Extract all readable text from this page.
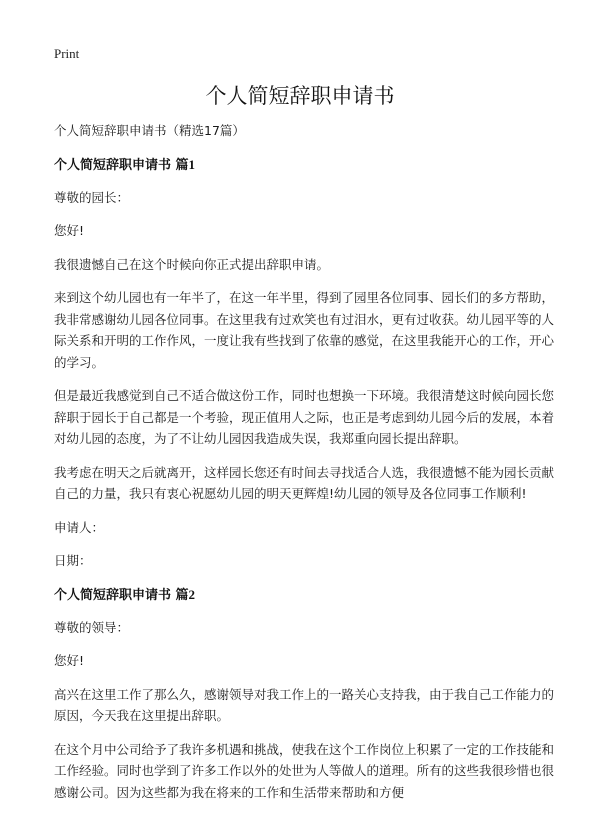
Print
个人简短辞职申请书

个人简短辞职申请书（精选17篇）

个人简短辞职申请书 篇1

尊敬的园长：

您好!

我很遗憾自己在这个时候向你正式提出辞职申请。

来到这个幼儿园也有一年半了，在这一年半里，得到了园里各位同事、园长们的多方帮助，我非常感谢幼儿园各位同事。在这里我有过欢笑也有过泪水，更有过收获。幼儿园平等的人际关系和开明的工作作风，一度让我有些找到了依靠的感觉，在这里我能开心的工作，开心的学习。

但是最近我感觉到自己不适合做这份工作，同时也想换一下环境。我很清楚这时候向园长您辞职于园长于自己都是一个考验，现正值用人之际，也正是考虑到幼儿园今后的发展，本着对幼儿园的态度，为了不让幼儿园因我造成失误，我郑重向园长提出辞职。

我考虑在明天之后就离开，这样园长您还有时间去寻找适合人选，我很遗憾不能为园长贡献自己的力量，我只有衷心祝愿幼儿园的明天更辉煌!幼儿园的领导及各位同事工作顺利!

申请人：

日期：

个人简短辞职申请书 篇2

尊敬的领导：

您好!

高兴在这里工作了那么久，感谢领导对我工作上的一路关心支持我，由于我自己工作能力的原因，今天我在这里提出辞职。

在这个月中公司给予了我许多机遇和挑战，使我在这个工作岗位上积累了一定的工作技能和工作经验。同时也学到了许多工作以外的处世为人等做人的道理。所有的这些我很珍惜也很感谢公司。因为这些都为我在将来的工作和生活带来帮助和方便
